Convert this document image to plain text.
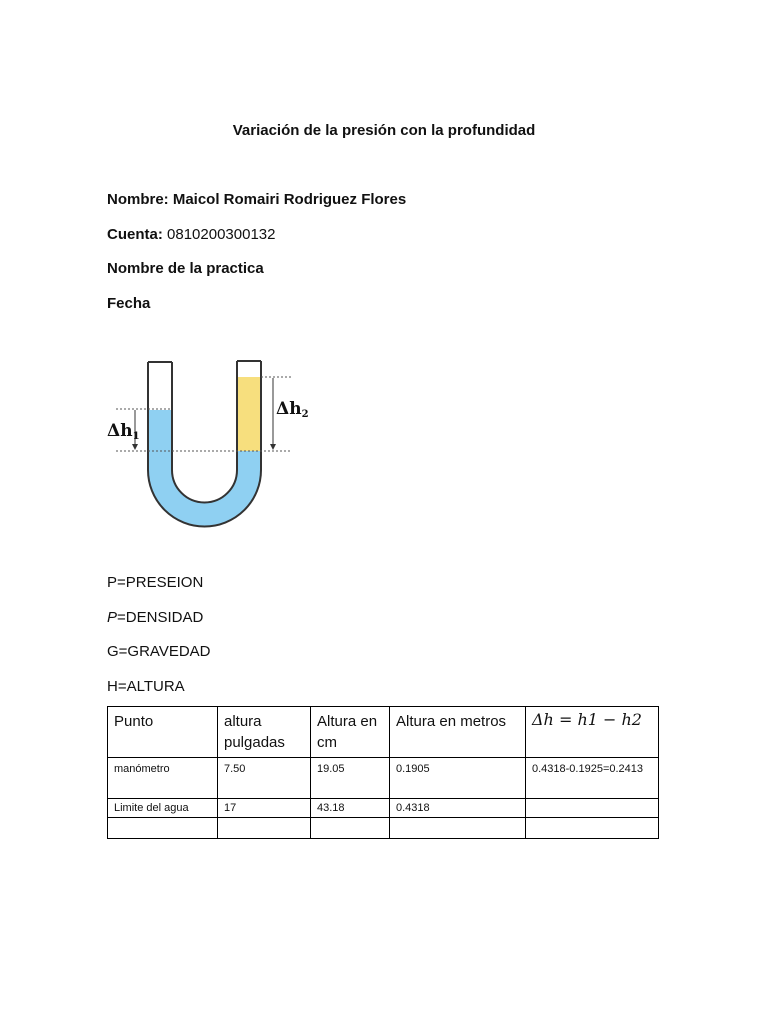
Variación de la presión con la profundidad
Nombre: Maicol Romairi Rodriguez Flores
Cuenta: 0810200300132
Nombre de la practica
Fecha
Δh1
Δh2
P=PRESEION
P=DENSIDAD
G=GRAVEDAD
H=ALTURA
Punto	altura pulgadas	Altura en cm	Altura en metros	Δh = h1 − h2
manómetro	7.50	19.05	0.1905	0.4318-0.1925=0.2413
Limite del agua	17	43.18	0.4318	
